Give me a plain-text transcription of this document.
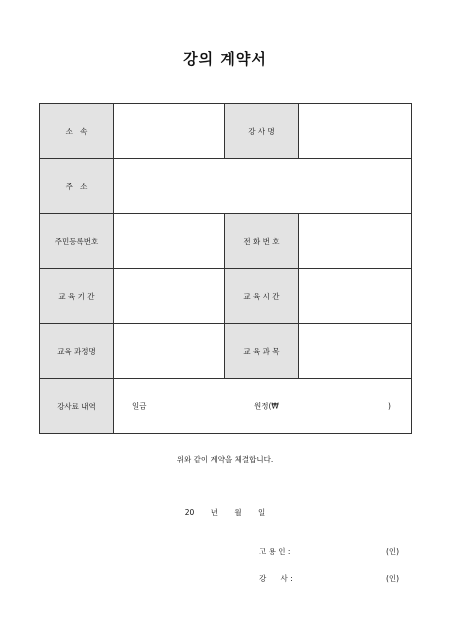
강의 계약서
소   속		강 사 명	
주   소			
주민등록번호		전 화 번 호	
교 육 기 간		교 육 시 간	
교육 과정명		교 육 과 목	
강사료 내역	일금 원정(₩ )		
위와 같이 계약을 체결합니다.
20 년 월 일
고 용 인 :	(인)
강      사 :	(인)
